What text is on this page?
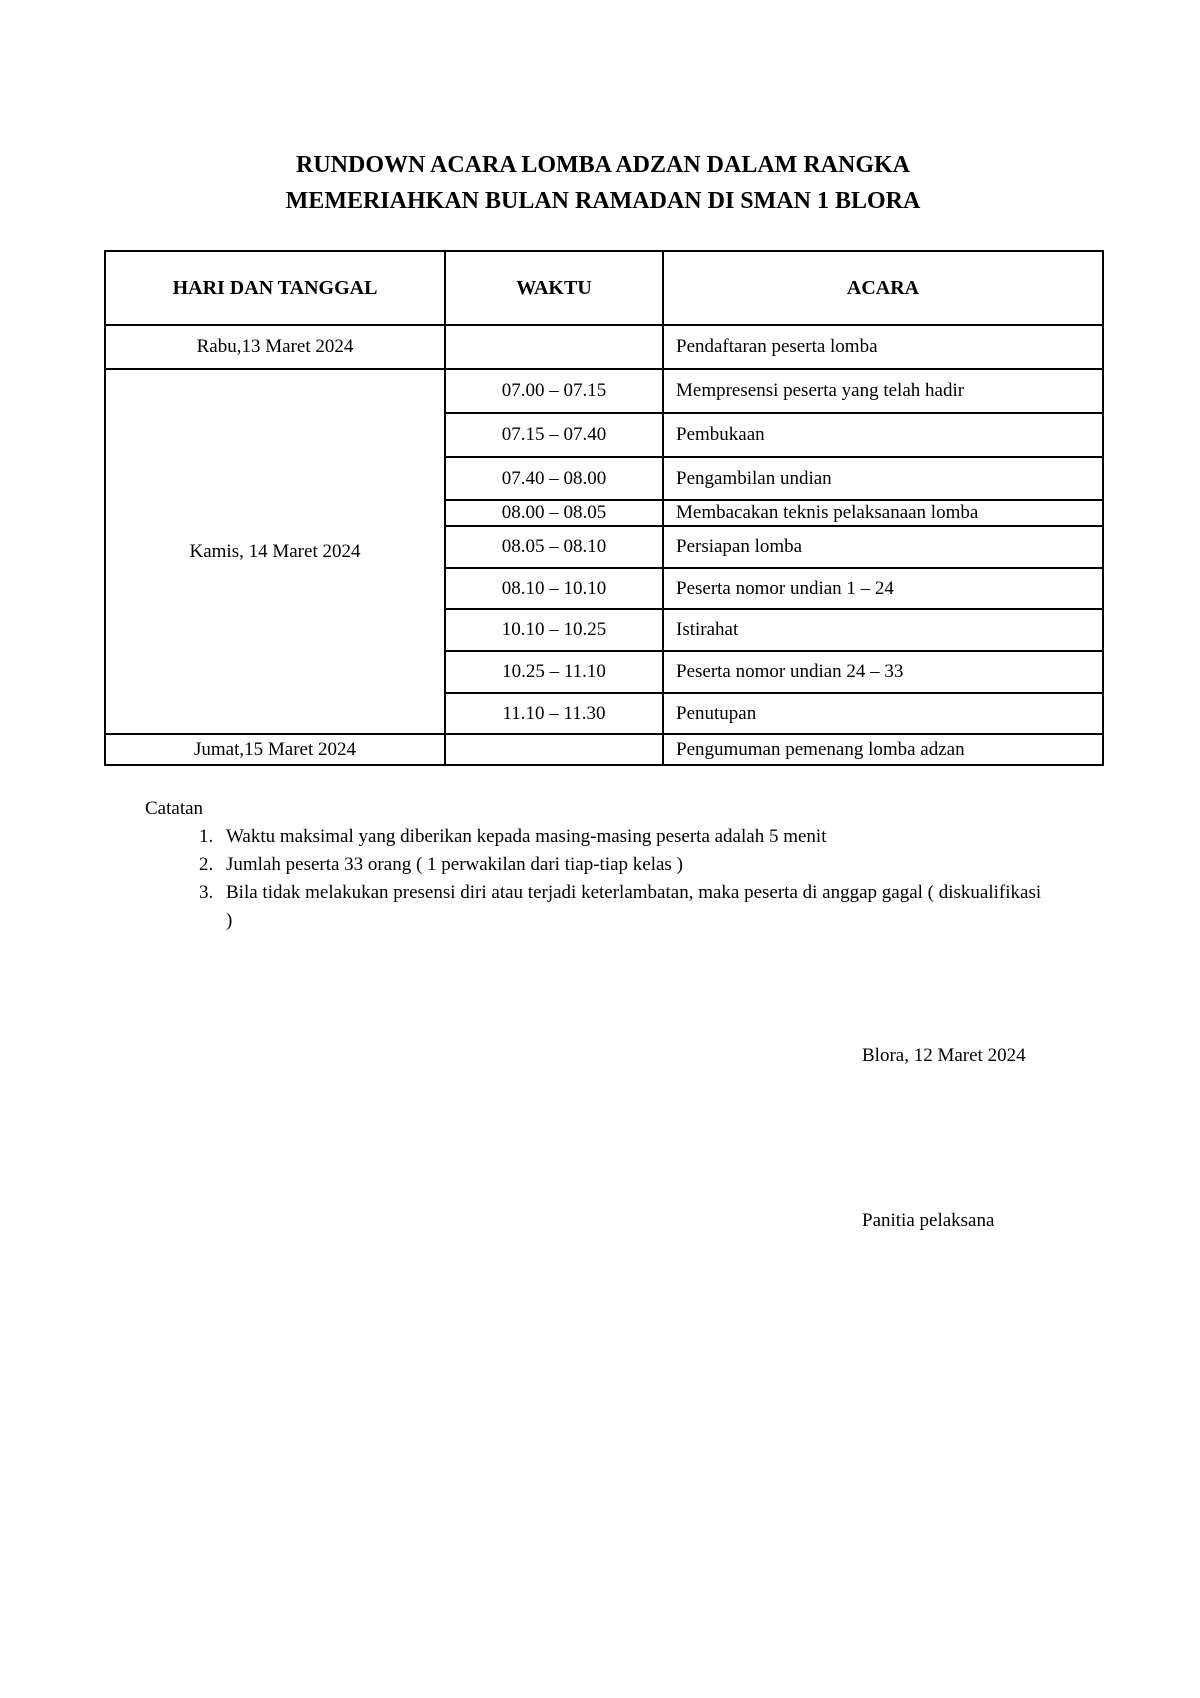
RUNDOWN ACARA LOMBA ADZAN DALAM RANGKA
MEMERIAHKAN BULAN RAMADAN DI SMAN 1 BLORA
HARI DAN TANGGAL	WAKTU	ACARA
Rabu,13 Maret 2024		Pendaftaran peserta lomba
Kamis, 14 Maret 2024	07.00 – 07.15	Mempresensi peserta yang telah hadir
	07.15 – 07.40	Pembukaan
	07.40 – 08.00	Pengambilan undian
	08.00 – 08.05	Membacakan teknis pelaksanaan lomba
	08.05 – 08.10	Persiapan lomba
	08.10 – 10.10	Peserta nomor undian 1 – 24
	10.10 – 10.25	Istirahat
	10.25 – 11.10	Peserta nomor undian 24 – 33
	11.10 – 11.30	Penutupan
Jumat,15 Maret 2024		Pengumuman pemenang lomba adzan
Catatan
1. Waktu maksimal yang diberikan kepada masing-masing peserta adalah 5 menit
2. Jumlah peserta 33 orang ( 1 perwakilan dari tiap-tiap kelas )
3. Bila tidak melakukan presensi diri atau terjadi keterlambatan, maka peserta di anggap gagal ( diskualifikasi )
Blora, 12 Maret 2024
Panitia pelaksana
